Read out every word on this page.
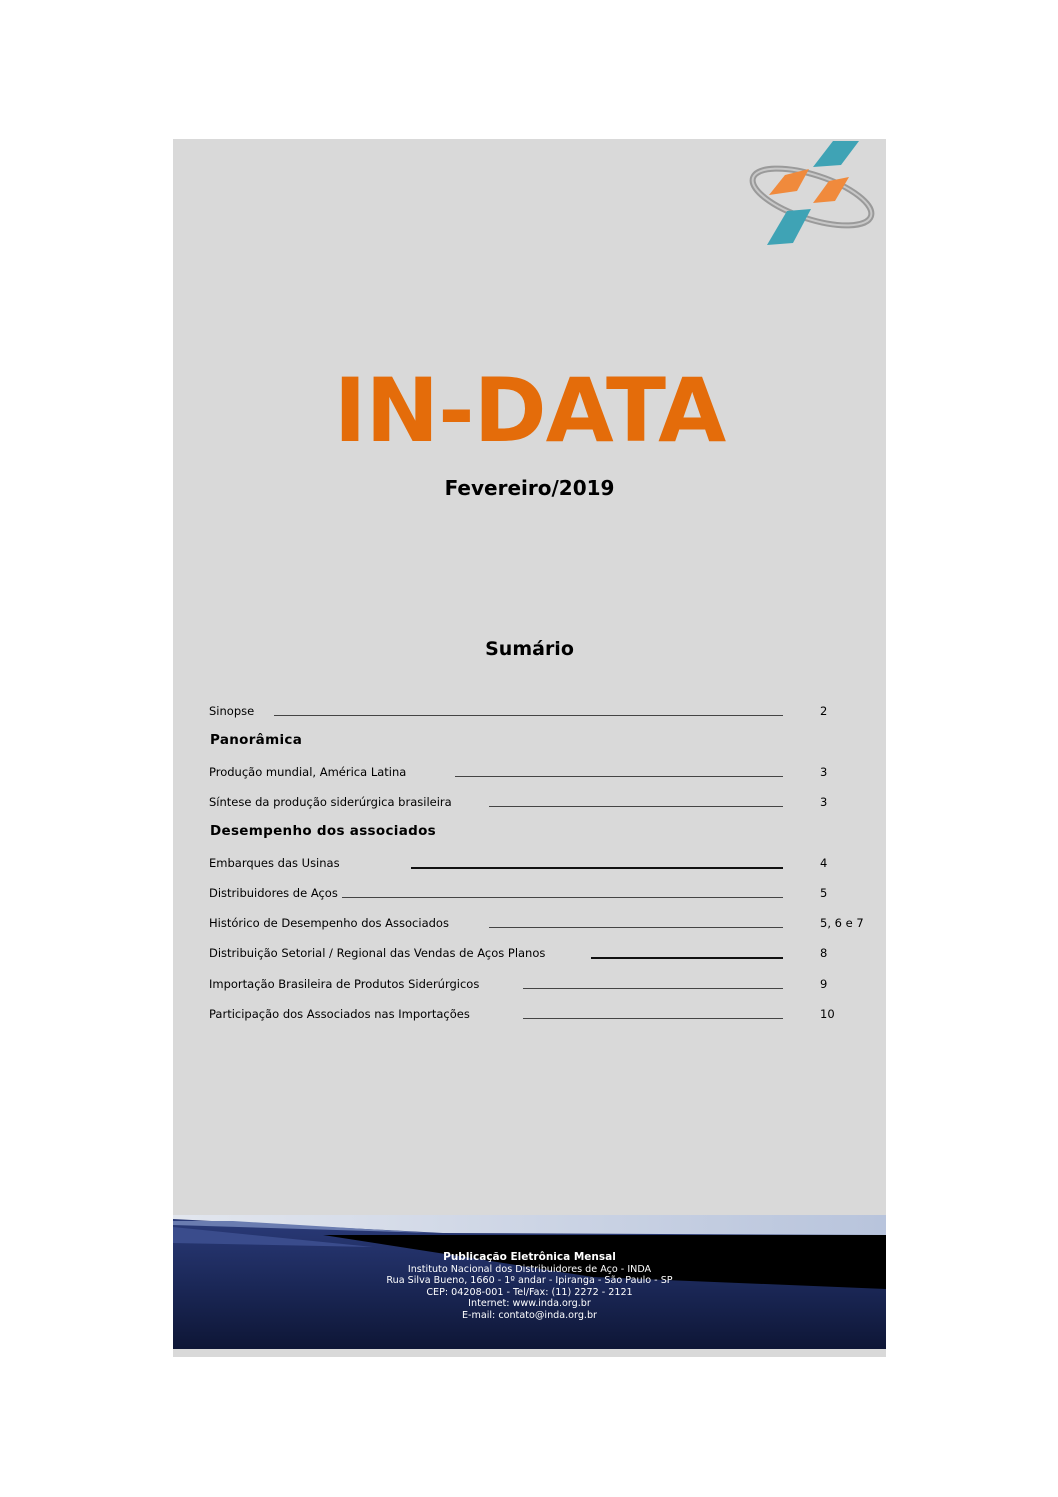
IN-DATA
Fevereiro/2019
Sumário
Sinopse	2
Panorâmica
Produção mundial, América Latina	3
Síntese da produção siderúrgica brasileira	3
Desempenho dos associados
Embarques das Usinas	4
Distribuidores de Aços	5
Histórico de Desempenho dos Associados	5, 6 e 7
Distribuição Setorial / Regional das Vendas de Aços Planos	8
Importação Brasileira de Produtos Siderúrgicos	9
Participação dos Associados nas Importações	10
Publicação Eletrônica Mensal
Instituto Nacional dos Distribuidores de Aço - INDA
Rua Silva Bueno, 1660 - 1º andar - Ipiranga - São Paulo - SP
CEP: 04208-001 - Tel/Fax: (11) 2272 - 2121
Internet: www.inda.org.br
E-mail: contato@inda.org.br
